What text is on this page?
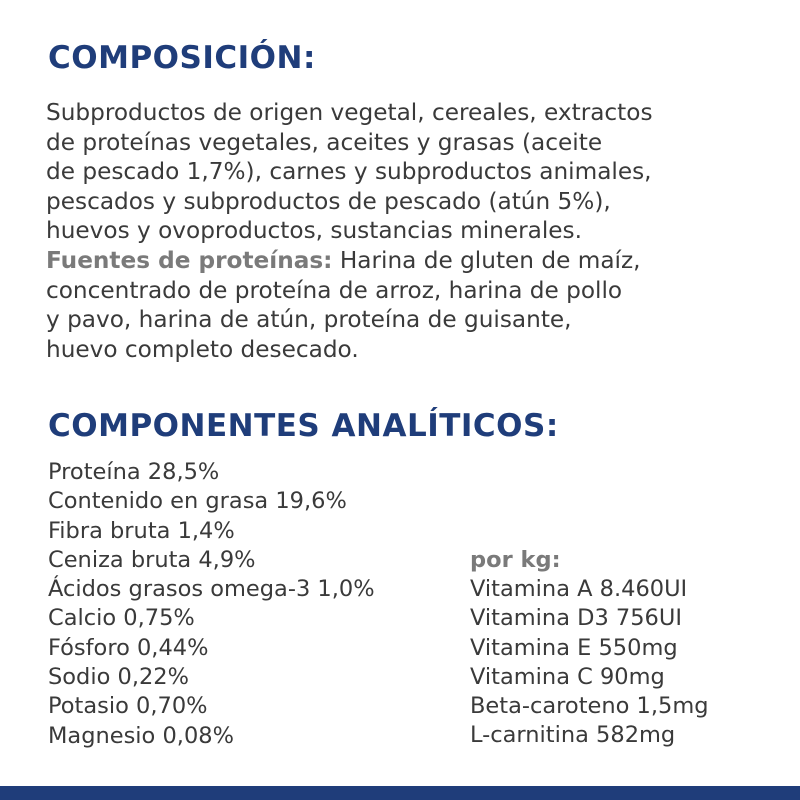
COMPOSICIÓN:
Subproductos de origen vegetal, cereales, extractos
de proteínas vegetales, aceites y grasas (aceite
de pescado 1,7%), carnes y subproductos animales,
pescados y subproductos de pescado (atún 5%),
huevos y ovoproductos, sustancias minerales.
Fuentes de proteínas: Harina de gluten de maíz,
concentrado de proteína de arroz, harina de pollo
y pavo, harina de atún, proteína de guisante,
huevo completo desecado.
COMPONENTES ANALÍTICOS:
Proteína 28,5%
Contenido en grasa 19,6%
Fibra bruta 1,4%
Ceniza bruta 4,9%
Ácidos grasos omega-3 1,0%
Calcio 0,75%
Fósforo 0,44%
Sodio 0,22%
Potasio 0,70%
Magnesio 0,08%

por kg:

Vitamina A 8.460UI
Vitamina D3 756UI
Vitamina E 550mg
Vitamina C 90mg
Beta-caroteno 1,5mg
L-carnitina 582mg
